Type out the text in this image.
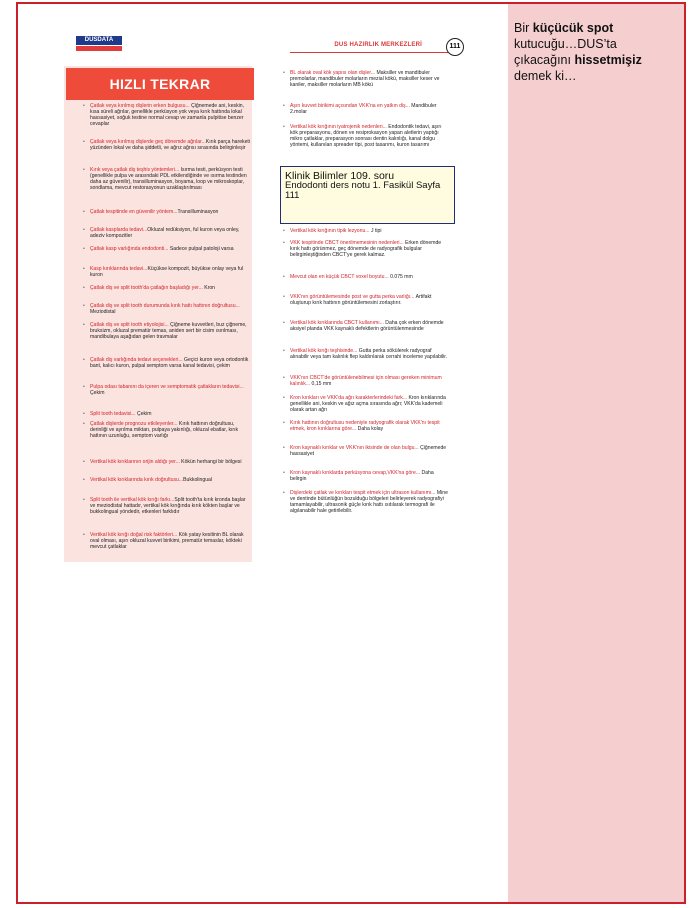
Bir küçücük spot kutucuğu…DUS’ta çıkacağını hissetmişiz demek ki…
DUSDATA
DUS HAZIRLIK MERKEZLERİ	111
HIZLI TEKRAR
• Çatlak veya kırılmış dişlerin erken bulgusu... Çiğnemede ani, keskin, kısa süreli ağrılar, genellikle perküsyon yok veya kırık hattında lokal hassasiyet, soğuk testine normal cevap ve zamanla pulpitise benzer cevaplar
• Çatlak veya kırılmış dişlerde geç dönemde ağrılar...Kırık parça hareketi yüzünden lokal ve daha şiddetli, ve ağrız ağrısı sırasında belirginleşir
• Kırık veya çatlak diş teşhis yöntemleri... Isırma testi, perküsyon testi (genellikle pulpa ve arasındaki PDL etkilendiğinde ve ısırma testinden daha az güvenilir), transilluminasyon, boyama, loop ve mikroskoplar, sondlama, mevcut restorasyonun uzaklaştırılması
• Çatlak tespitinde en güvenilir yöntem...Transilluminasyon
• Çatlak kasplarda tedavi...Okluzal redüksiyon, ful kuron veya onley, adeziv kompozitler
• Çatlak kasp varlığında endodonti... Sadece pulpal patoloji varsa
• Kasp kırıklarında tedavi...Küçükse kompozit, büyükse onlay veya ful kuron
• Çatlak diş ve split tooth'da çatlağın başladığı yer... Kron
• Çatlak diş ve split tooth durumunda kırık hattı hattının doğrultusu... Meziodistal
• Çatlak diş ve split tooth etiyolojisi... Çiğneme kuvvetleri, buz çiğneme, bruksizm, okluzal prematür temas, aniden sert bir cisim ısırılması, mandibulaya aşağıdan gelen travmalar
• Çatlak diş varlığında tedavi seçenekleri... Geçici kuron veya ortodontik bant, kalıcı kuron, pulpal semptom varsa kanal tedavisi, çekim
• Pulpa odası tabanını da içeren ve semptomatik çatlakların tedavisi... Çekim
• Split tooth tedavisi... Çekim
• Çatlak dişlerde prognozu etkileyenler... Kırık hattının doğrultusu, derinliği ve ayrılma miktarı, pulpaya yakınlığı, okluzal ebatlar, kırık hattının uzunluğu, semptom varlığı
• Vertikal kök kırıklarının orijin aldığı yer... Kökün herhangi bir bölgesi
• Vertikal kök kırıklarında kırık doğrultusu...Bukkolingual
• Split tooth ile vertikal kök kırığı farkı...Split tooth'ta kırık kronda başlar ve meziodistal hattadır, vertikal kök kırığında kırık kökten başlar ve bukkolingual yöndedir, etkenleri farklıdır
• Vertikal kök kırığı doğal risk faktörleri... Kök yatay kesitinin BL olarak oval olması, aşırı okluzal kuvvet birikimi, prematür temaslar, kökteki mevcut çatlaklar
• BL olarak oval kök yapısı olan dişler... Maksiller ve mandibuler premolarlar, mandibuler molarların mezial kökü, maksiller keser ve kaniler, maksiller molarların MB kökü
• Aşırı kuvvet birikimi açısından VKK'na en yatkın diş... Mandibuler 2.molar
• Vertikal kök kırığının iyatrojenik nedenleri... Endodontik tedavi, aşırı kök preparasyonu, dönen ve resiprokasyon yapan aletlerin yaptığı mikro çatlaklar, preparasyon sonrası dentin kalınlığı, kanal dolgu yöntemi, kullanılan spreader tipi, post tasarımı, kuron tasarımı
•
• Vertikal kök kırığının tipik lezyonu... J tipi
• VKK tespitinde CBCT önerilmemesinin nedenleri... Erken dönemde kırık hattı görünmez, geç dönemde de radyografik bulgular belirginleştiğinden CBCT'ye gerek kalmaz.
• Mevcut olan en küçük CBCT voxel boyutu... 0.075 mm
• VKK'nın görüntülemesinde post ve gutta perka varlığı... Artifakt oluşturup kırık hattının görüntülemesini zorlaştırır.
• Vertikal kök kırıklarında CBCT kullanımı... Daha çok erken dönemde aksiyel planda VKK kaynaklı defektlerin görüntülenmesinde
• Vertikal kök kırığı teşhisinde... Gutta perka sökülerek radyograf alınabilir veya tam kalınlık flep kaldırılarak cerrahi inceleme yapılabilir.
• VKK'nın CBCT'de görüntülenebilmesi için olması gereken minimum kalınlık... 0,15 mm
• Kron kırıkları ve VKK'da ağrı karakterlerindeki fark... Kron kırıklarında genellikle ani, keskin ve ağız açma sırasında ağrı; VKK'da kademeli olarak artan ağrı
• Kırık hattının doğrultusu nedeniyle radyografik olarak VKK'nı tespit etmek, kron kırıklarına göre... Daha kolay
• Kron kaynaklı kırıklar ve VKK'nın ikisinde de olan bulgu... Çiğnemede hassasiyet
• Kron kaynaklı kırıklarda perküsyona cevap,VKK'na göre... Daha belirgin
• Dişlerdeki çatlak ve kırıkları tespit etmek için ultrason kullanımı... Mine ve dentinde bütünlüğün bozulduğu bölgeleri belirleyerek radyografiyi tamamlayabilir, ultrasonik güçle kırık hattı ısıtılarak termografi ile algılanabilir hale getirilebilir.
Klinik Bilimler 109. soru
Endodonti ders notu 1. Fasikül Sayfa 111
